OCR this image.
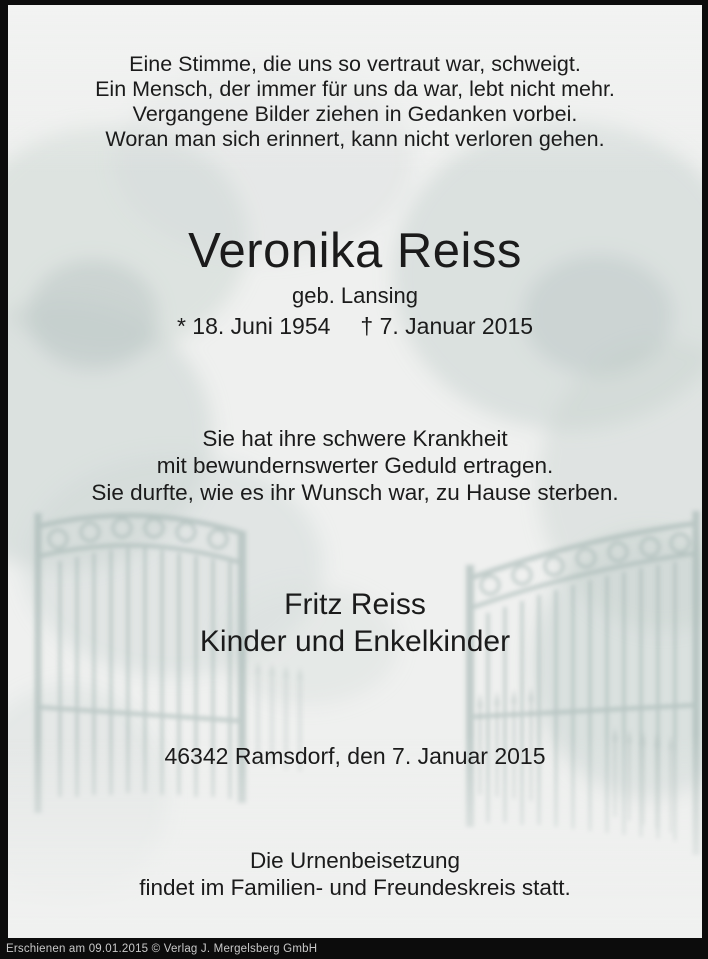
Eine Stimme, die uns so vertraut war, schweigt.
Ein Mensch, der immer für uns da war, lebt nicht mehr.
Vergangene Bilder ziehen in Gedanken vorbei.
Woran man sich erinnert, kann nicht verloren gehen.
Veronika Reiss
geb. Lansing
* 18. Juni 1954 † 7. Januar 2015
Sie hat ihre schwere Krankheit
mit bewundernswerter Geduld ertragen.
Sie durfte, wie es ihr Wunsch war, zu Hause sterben.
Fritz Reiss
Kinder und Enkelkinder
46342 Ramsdorf, den 7. Januar 2015
Die Urnenbeisetzung
findet im Familien- und Freundeskreis statt.
Erschienen am 09.01.2015 © Verlag J. Mergelsberg GmbH
